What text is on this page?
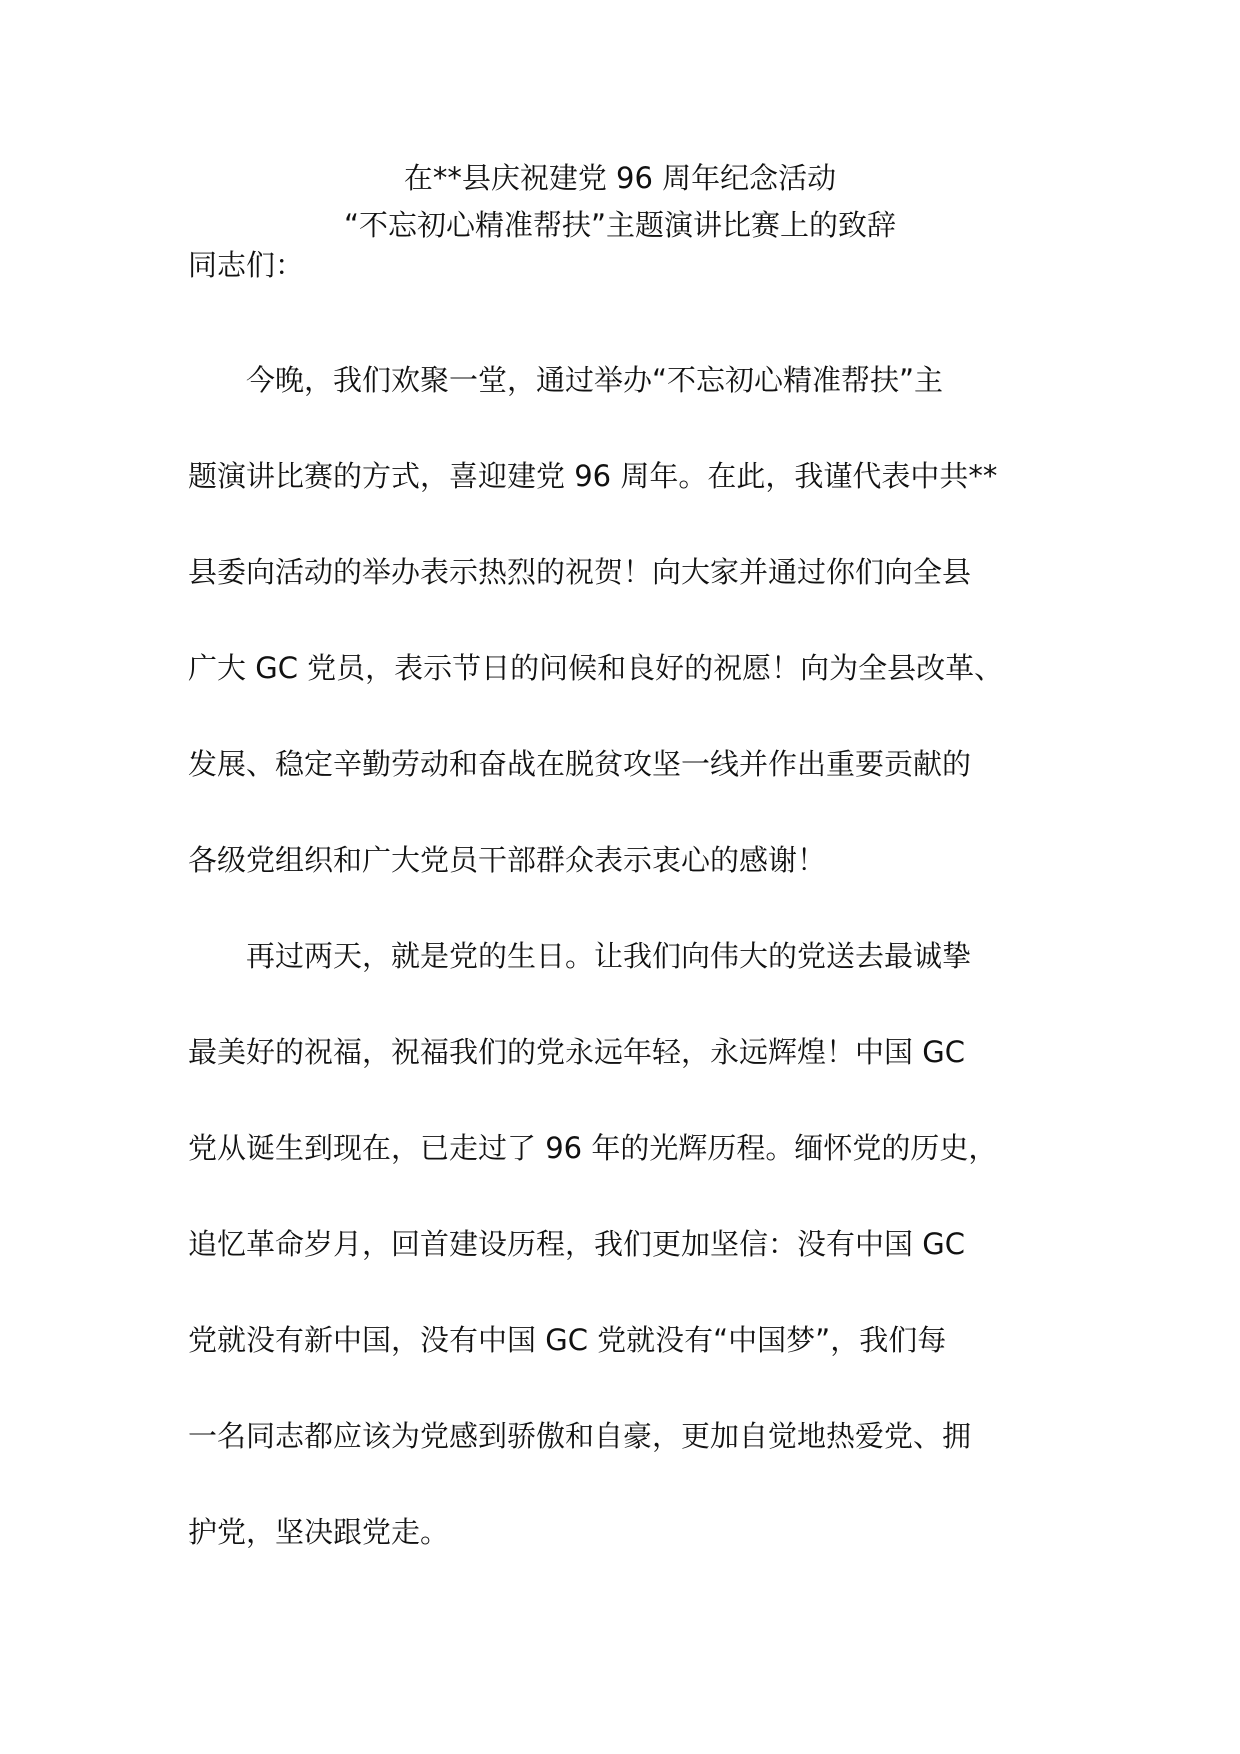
在**县庆祝建党 96 周年纪念活动
“不忘初心精准帮扶”主题演讲比赛上的致辞
同志们：
　　今晚，我们欢聚一堂，通过举办“不忘初心精准帮扶”主
题演讲比赛的方式，喜迎建党 96 周年。在此，我谨代表中共**
县委向活动的举办表示热烈的祝贺！向大家并通过你们向全县
广大 GC 党员，表示节日的问候和良好的祝愿！向为全县改革、
发展、稳定辛勤劳动和奋战在脱贫攻坚一线并作出重要贡献的
各级党组织和广大党员干部群众表示衷心的感谢！
　　再过两天，就是党的生日。让我们向伟大的党送去最诚挚
最美好的祝福，祝福我们的党永远年轻，永远辉煌！中国 GC
党从诞生到现在，已走过了 96 年的光辉历程。缅怀党的历史，
追忆革命岁月，回首建设历程，我们更加坚信：没有中国 GC
党就没有新中国，没有中国 GC 党就没有“中国梦”，我们每
一名同志都应该为党感到骄傲和自豪，更加自觉地热爱党、拥
护党，坚决跟党走。
